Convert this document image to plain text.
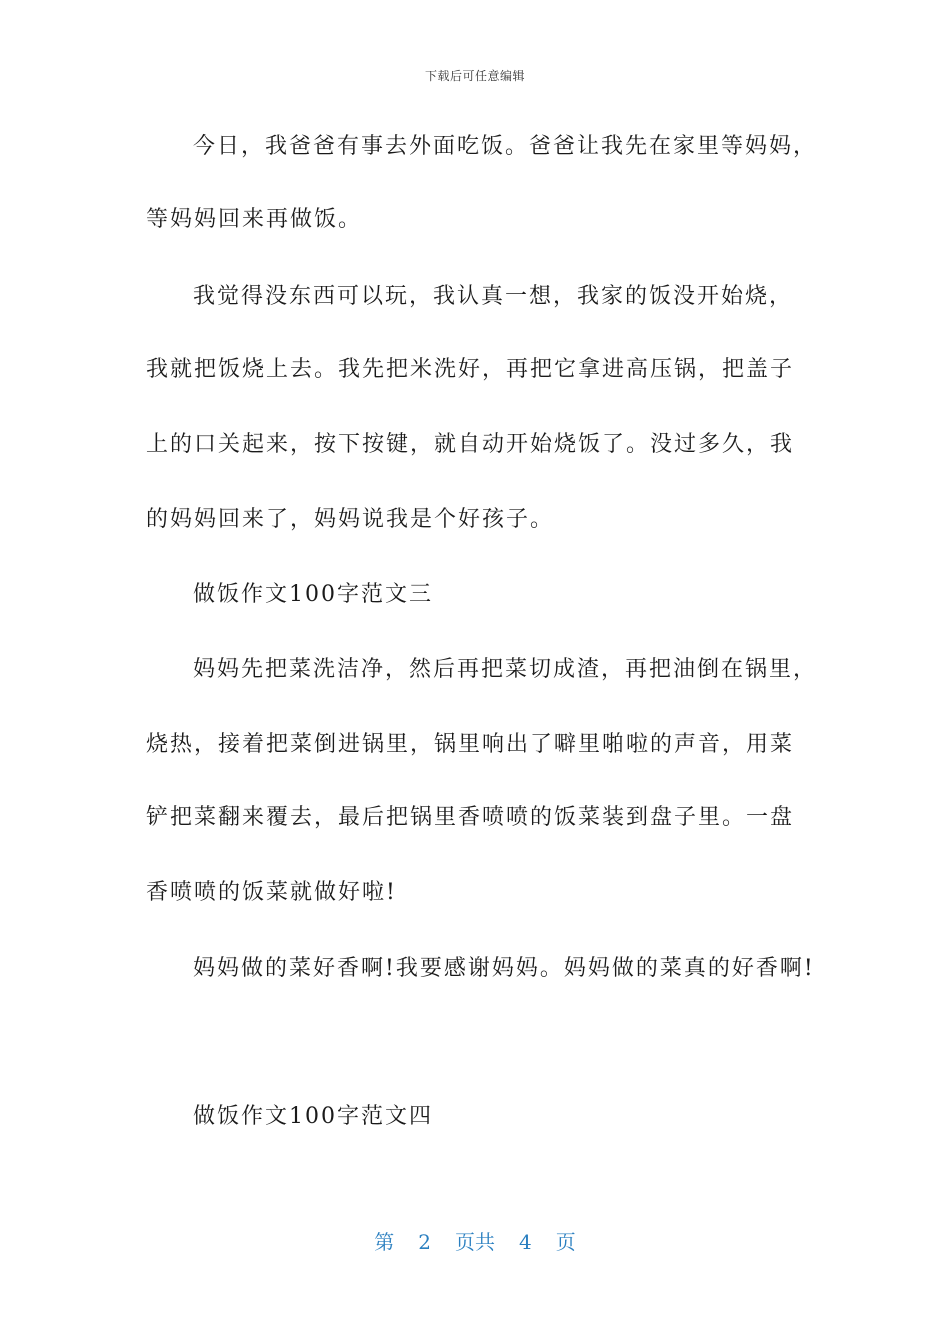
下载后可任意编辑
今日，我爸爸有事去外面吃饭。爸爸让我先在家里等妈妈，
等妈妈回来再做饭。
我觉得没东西可以玩，我认真一想，我家的饭没开始烧，
我就把饭烧上去。我先把米洗好，再把它拿进高压锅，把盖子
上的口关起来，按下按键，就自动开始烧饭了。没过多久，我
的妈妈回来了，妈妈说我是个好孩子。
做饭作文100字范文三
妈妈先把菜洗洁净，然后再把菜切成渣，再把油倒在锅里，
烧热，接着把菜倒进锅里，锅里响出了噼里啪啦的声音，用菜
铲把菜翻来覆去，最后把锅里香喷喷的饭菜装到盘子里。一盘
香喷喷的饭菜就做好啦!
妈妈做的菜好香啊!我要感谢妈妈。妈妈做的菜真的好香啊!
做饭作文100字范文四
第 2 页共 4 页
